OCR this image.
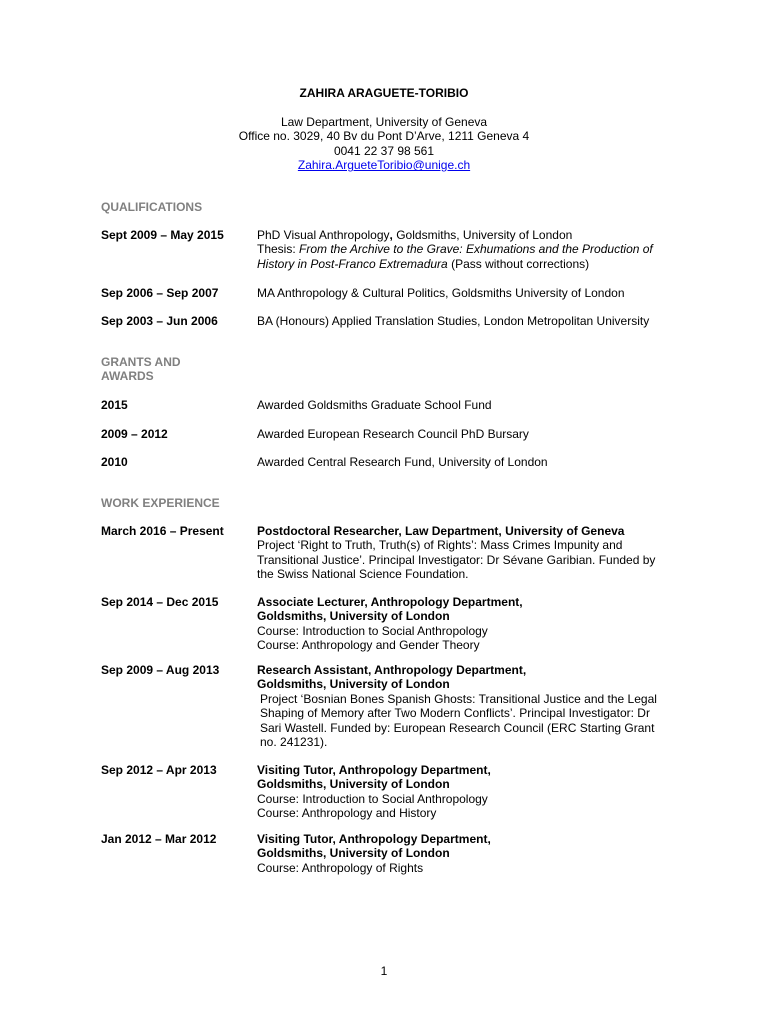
ZAHIRA ARAGUETE-TORIBIO
Law Department, University of Geneva
Office no. 3029, 40 Bv du Pont D’Arve, 1211 Geneva 4
0041 22 37 98 561
Zahira.ArgueteToribio@unige.ch
QUALIFICATIONS
Sept 2009 – May 2015	PhD Visual Anthropology, Goldsmiths, University of London
Thesis: From the Archive to the Grave: Exhumations and the Production of
History in Post-Franco Extremadura (Pass without corrections)
Sep 2006 – Sep 2007	MA Anthropology & Cultural Politics, Goldsmiths University of London
Sep 2003 – Jun 2006	BA (Honours) Applied Translation Studies, London Metropolitan University
GRANTS AND
AWARDS
2015	Awarded Goldsmiths Graduate School Fund
2009 – 2012	Awarded European Research Council PhD Bursary
2010	Awarded Central Research Fund, University of London
WORK EXPERIENCE
March 2016 – Present	Postdoctoral Researcher, Law Department, University of Geneva
Project ‘Right to Truth, Truth(s) of Rights’: Mass Crimes Impunity and
Transitional Justice’. Principal Investigator: Dr Sévane Garibian. Funded by
the Swiss National Science Foundation.
Sep 2014 – Dec 2015	Associate Lecturer, Anthropology Department,
Goldsmiths, University of London
Course: Introduction to Social Anthropology
Course: Anthropology and Gender Theory
Sep 2009 – Aug 2013	Research Assistant, Anthropology Department,
Goldsmiths, University of London
Project ‘Bosnian Bones Spanish Ghosts: Transitional Justice and the Legal
Shaping of Memory after Two Modern Conflicts’. Principal Investigator: Dr
Sari Wastell. Funded by: European Research Council (ERC Starting Grant
no. 241231).
Sep 2012 – Apr 2013	Visiting Tutor, Anthropology Department,
Goldsmiths, University of London
Course: Introduction to Social Anthropology
Course: Anthropology and History
Jan 2012 – Mar 2012	Visiting Tutor, Anthropology Department,
Goldsmiths, University of London
Course: Anthropology of Rights
1
